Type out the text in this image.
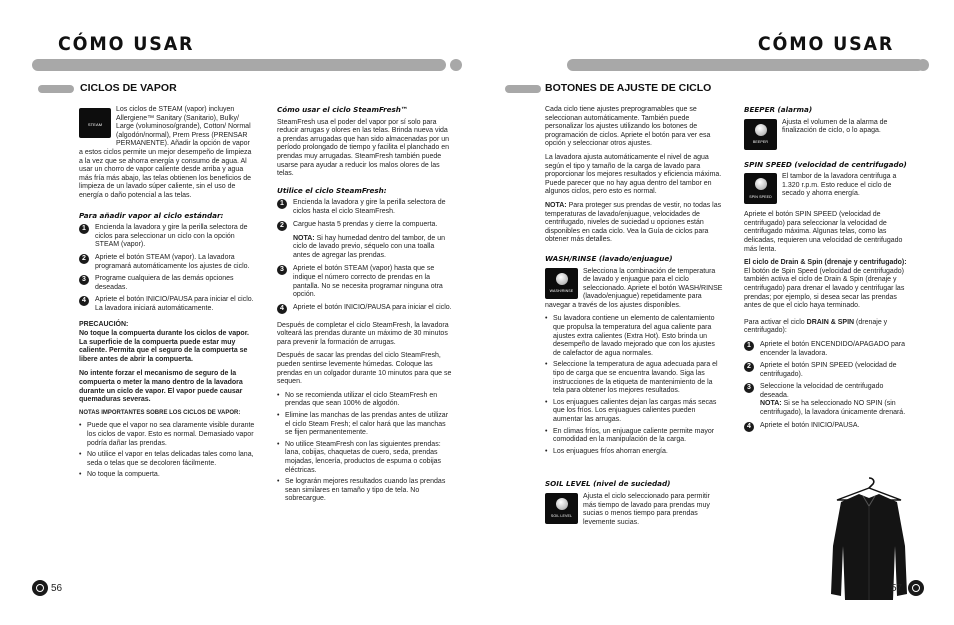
CÓMO USAR
CICLOS DE VAPOR
STEAM

Los ciclos de STEAM (vapor) incluyen Allergiene™ Sanitary (Sanitario), Bulky/ Large (voluminoso/grande), Cotton/ Normal (algodón/normal), Prem Press (PRENSAR PERMANENTE). Añadir la opción de vapor a estos ciclos permite un mejor desempeño de limpieza a la vez que se ahorra energía y consumo de agua. Al usar un chorro de vapor caliente desde arriba y agua más fría más abajo, las telas obtienen los beneficios de limpieza de un lavado súper caliente, sin el uso de energía o daño potencial a las telas.

Para añadir vapor al ciclo estándar:
1	Encienda la lavadora y gire la perilla selectora de ciclos para seleccionar un ciclo con la opción STEAM (vapor).
2	Apriete el botón STEAM (vapor). La lavadora programará automáticamente los ajustes de ciclo.
3	Programe cualquiera de las demás opciones deseadas.
4	Apriete el botón INICIO/PAUSA para iniciar el ciclo. La lavadora iniciará automáticamente.

PRECAUCIÓN:

No toque la compuerta durante los ciclos de vapor. La superficie de la compuerta puede estar muy caliente. Permita que el seguro de la compuerta se libere antes de abrir la compuerta.

No intente forzar el mecanismo de seguro de la compuerta o meter la mano dentro de la lavadora durante un ciclo de vapor. El vapor puede causar quemaduras severas.

NOTAS IMPORTANTES SOBRE LOS CICLOS DE VAPOR:

• Puede que el vapor no sea claramente visible durante los ciclos de vapor. Esto es normal. Demasiado vapor podría dañar las prendas.
• No utilice el vapor en telas delicadas tales como lana, seda o telas que se decoloren fácilmente.
• No toque la compuerta.
Cómo usar el ciclo SteamFresh™

SteamFresh usa el poder del vapor por sí solo para reducir arrugas y olores en las telas. Brinda nueva vida a prendas arrugadas que han sido almacenadas por un período prolongado de tiempo y facilita el planchado en prendas muy arrugadas. SteamFresh también puede usarse para ayudar a reducir los malos olores de las telas.

Utilice el ciclo SteamFresh:
1	Encienda la lavadora y gire la perilla selectora de ciclos hasta el ciclo SteamFresh.
2	Cargue hasta 5 prendas y cierre la compuerta.

NOTA: Si hay humedad dentro del tambor, de un ciclo de lavado previo, séquelo con una toalla antes de agregar las prendas.

3	Apriete el botón STEAM (vapor) hasta que se indique el número correcto de prendas en la pantalla. No se necesita programar ninguna otra opción.
4	Apriete el botón INICIO/PAUSA para iniciar el ciclo.

Después de completar el ciclo SteamFresh, la lavadora volteará las prendas durante un máximo de 30 minutos para prevenir la formación de arrugas.

Después de sacar las prendas del ciclo SteamFresh, pueden sentirse levemente húmedas. Coloque las prendas en un colgador durante 10 minutos para que se sequen.

• No se recomienda utilizar el ciclo SteamFresh en prendas que sean 100% de algodón.
• Elimine las manchas de las prendas antes de utilizar el ciclo Steam Fresh; el calor hará que las manchas se fijen permanentemente.
• No utilice SteamFresh con las siguientes prendas: lana, cobijas, chaquetas de cuero, seda, prendas mojadas, lencería, productos de espuma o cobijas eléctricas.
• Se lograrán mejores resultados cuando las prendas sean similares en tamaño y tipo de tela. No sobrecargue.
56
CÓMO USAR
BOTONES DE AJUSTE DE CICLO

Cada ciclo tiene ajustes preprogramables que se seleccionan automáticamente. También puede personalizar los ajustes utilizando los botones de programación de ciclos. Apriete el botón para ver esa opción y seleccionar otros ajustes.

La lavadora ajusta automáticamente el nivel de agua según el tipo y tamaño de la carga de lavado para proporcionar los mejores resultados y eficiencia máxima. Puede parecer que no hay agua dentro del tambor en algunos ciclos, pero esto es normal.

NOTA: Para proteger sus prendas de vestir, no todas las temperaturas de lavado/enjuague, velocidades de centrifugado, niveles de suciedad u opciones están disponibles en cada ciclo. Vea la Guía de ciclos para obtener más detalles.

WASH/RINSE (lavado/enjuague)
WASH/RINSE

Selecciona la combinación de temperatura de lavado y enjuague para el ciclo seleccionado. Apriete el botón WASH/RINSE (lavado/enjuague) repetidamente para navegar a través de los ajustes disponibles.

• Su lavadora contiene un elemento de calentamiento que propulsa la temperatura del agua caliente para ajustes extra calientes (Extra Hot). Esto brinda un desempeño de lavado mejorado que con los ajustes de calefactor de agua normales.
• Seleccione la temperatura de agua adecuada para el tipo de carga que se encuentra lavando. Siga las instrucciones de la etiqueta de mantenimiento de la tela para obtener los mejores resultados.
• Los enjuagues calientes dejan las cargas más secas que los fríos. Los enjuagues calientes pueden aumentar las arrugas.
• En climas fríos, un enjuague caliente permite mayor comodidad en la manipulación de la carga.
• Los enjuagues fríos ahorran energía.
SOIL LEVEL (nivel de suciedad)
SOIL LEVEL

Ajusta el ciclo seleccionado para permitir más tiempo de lavado para prendas muy sucias o menos tiempo para prendas levemente sucias.

BEEPER (alarma)
BEEPER

Ajusta el volumen de la alarma de finalización de ciclo, o lo apaga.

SPIN SPEED (velocidad de centrifugado)
SPIN SPEED

El tambor de la lavadora centrifuga a 1.320 r.p.m. Esto reduce el ciclo de secado y ahorra energía.

Apriete el botón SPIN SPEED (velocidad de centrifugado) para seleccionar la velocidad de centrifugado máxima. Algunas telas, como las delicadas, requieren una velocidad de centrifugado más lenta.

El ciclo de Drain & Spin (drenaje y centrifugado):

El botón de Spin Speed (velocidad de centrifugado) también activa el ciclo de Drain & Spin (drenaje y centrifugado) para drenar el lavado y centrifugar las prendas; por ejemplo, si desea secar las prendas antes de que el ciclo haya terminado.

Para activar el ciclo DRAIN & SPIN (drenaje y centrifugado):

1	Apriete el botón ENCENDIDO/APAGADO para encender la lavadora.
2	Apriete el botón SPIN SPEED (velocidad de centrifugado).
3	Seleccione la velocidad de centrifugado deseada.
NOTA: Si se ha seleccionado NO SPIN (sin centrifugado), la lavadora únicamente drenará.
4	Apriete el botón INICIO/PAUSA.
57
